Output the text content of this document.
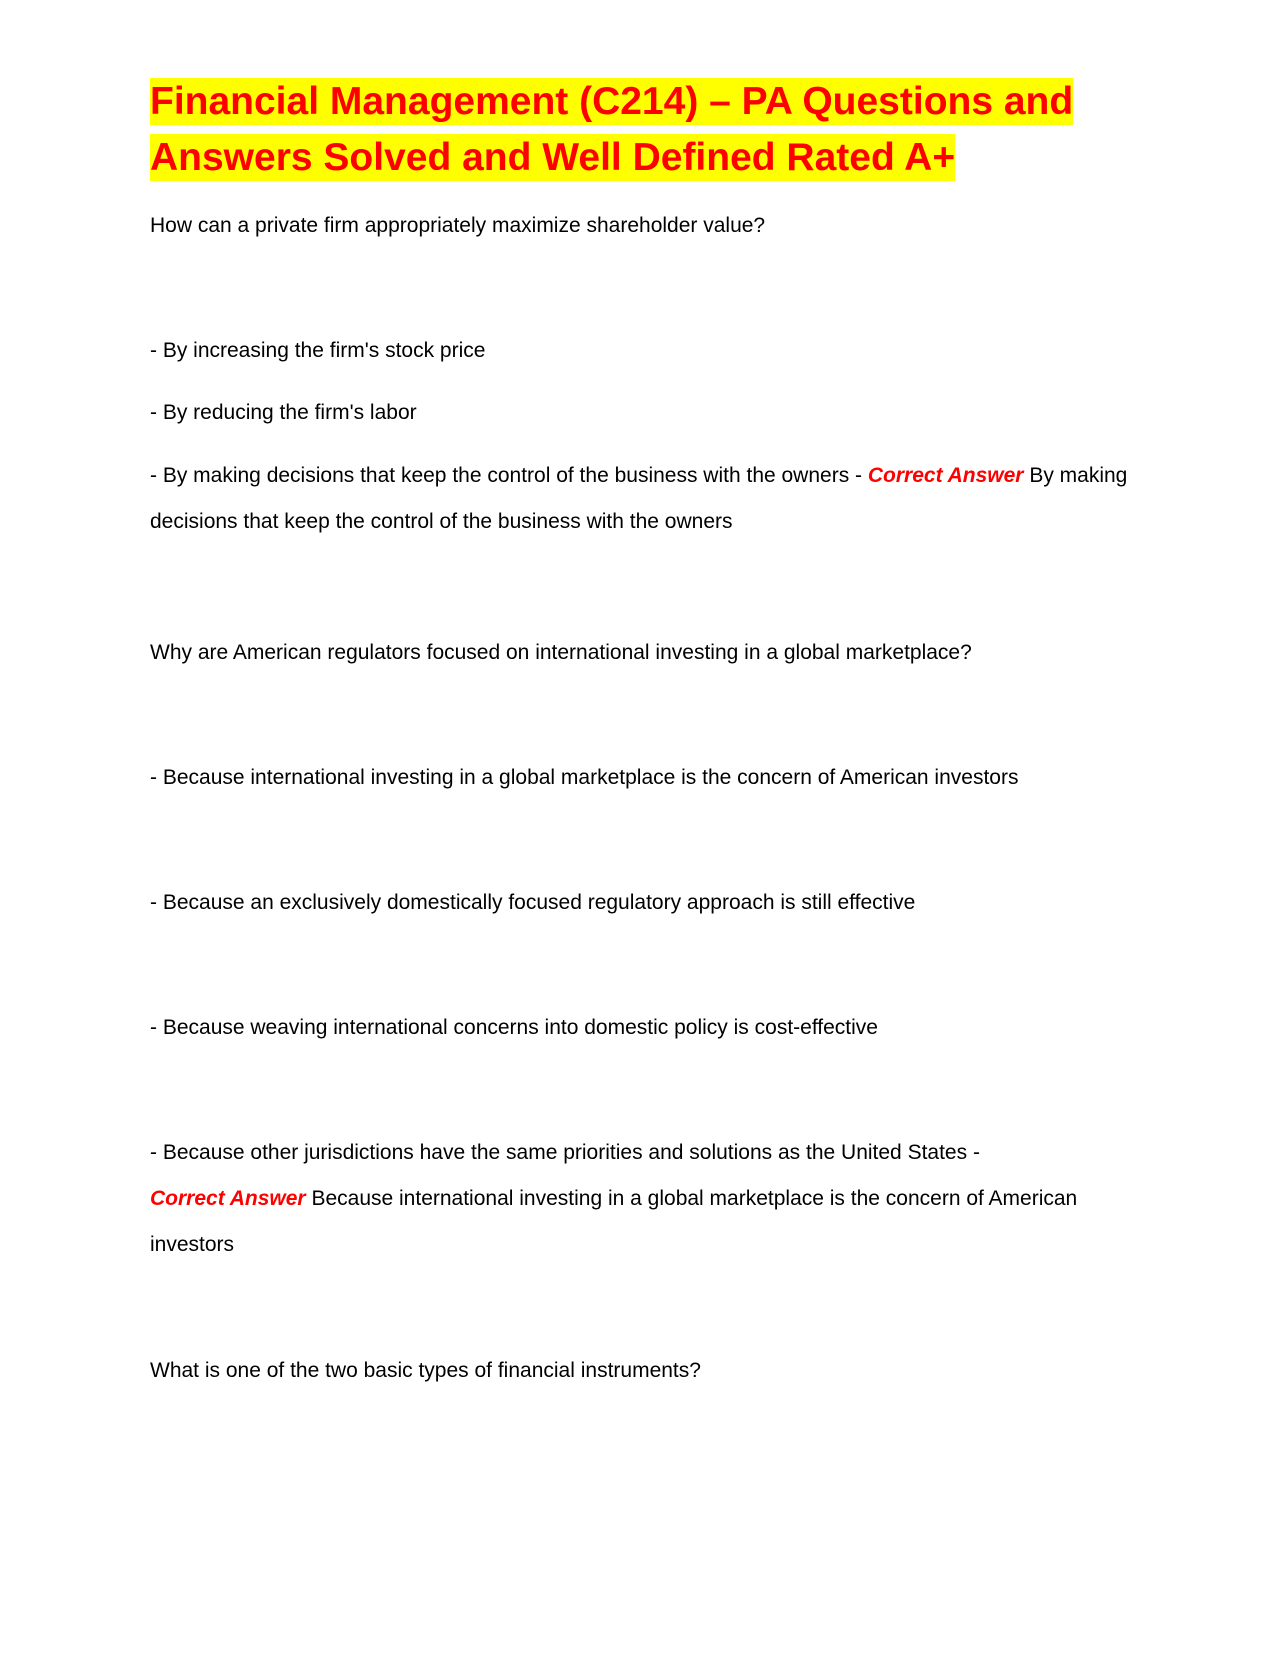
Financial Management (C214) – PA Questions and Answers Solved and Well Defined Rated A+

How can a private firm appropriately maximize shareholder value?

- By increasing the firm's stock price

- By reducing the firm's labor

- By making decisions that keep the control of the business with the owners - Correct Answer By making decisions that keep the control of the business with the owners

Why are American regulators focused on international investing in a global marketplace?

- Because international investing in a global marketplace is the concern of American investors

- Because an exclusively domestically focused regulatory approach is still effective

- Because weaving international concerns into domestic policy is cost-effective

- Because other jurisdictions have the same priorities and solutions as the United States -
Correct Answer Because international investing in a global marketplace is the concern of American investors

What is one of the two basic types of financial instruments?
